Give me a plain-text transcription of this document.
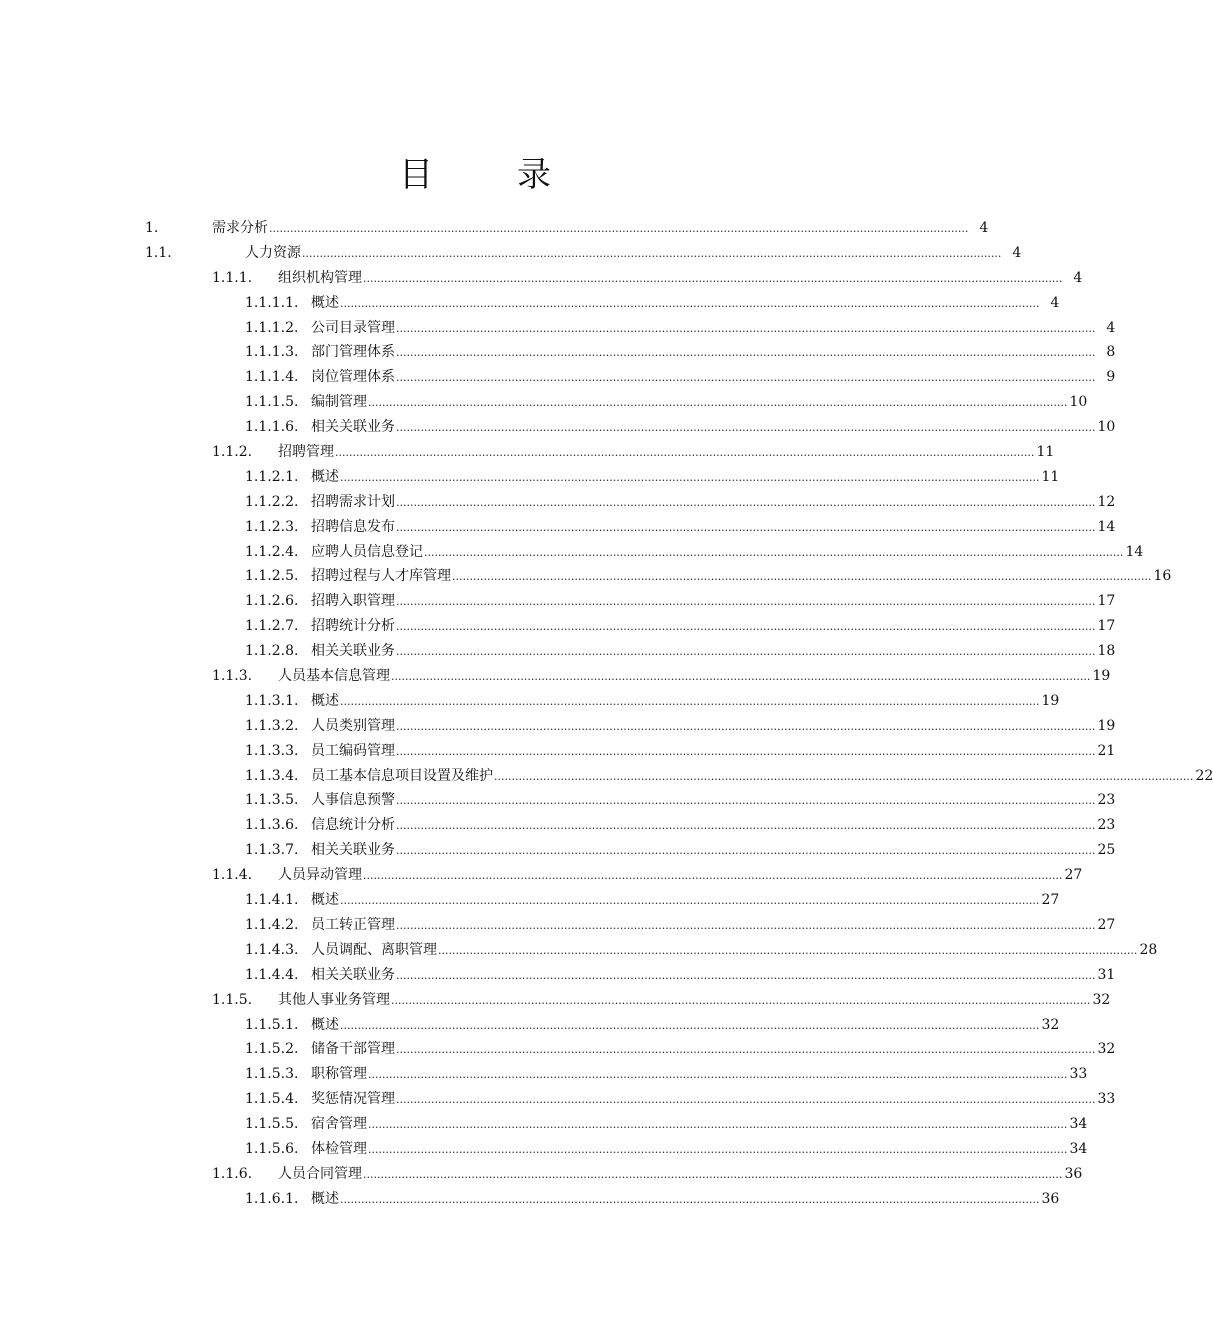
目 录
1.	需求分析 ........................................................................................................................................................................................................ 4
1.1.	人力资源 ........................................................................................................................................................................................................ 4
1.1.1. 组织机构管理 ........................................................................................................................................................................................................ 4
1.1.1.1. 概述 ........................................................................................................................................................................................................ 4
1.1.1.2. 公司目录管理 ........................................................................................................................................................................................................ 4
1.1.1.3. 部门管理体系 ........................................................................................................................................................................................................ 8
1.1.1.4. 岗位管理体系 ........................................................................................................................................................................................................ 9
1.1.1.5. 编制管理 ........................................................................................................................................................................................................ 10
1.1.1.6. 相关关联业务 ........................................................................................................................................................................................................ 10
1.1.2. 招聘管理 ........................................................................................................................................................................................................ 11
1.1.2.1. 概述 ........................................................................................................................................................................................................ 11
1.1.2.2. 招聘需求计划 ........................................................................................................................................................................................................ 12
1.1.2.3. 招聘信息发布 ........................................................................................................................................................................................................ 14
1.1.2.4. 应聘人员信息登记 ........................................................................................................................................................................................................ 14
1.1.2.5. 招聘过程与人才库管理 ........................................................................................................................................................................................................ 16
1.1.2.6. 招聘入职管理 ........................................................................................................................................................................................................ 17
1.1.2.7. 招聘统计分析 ........................................................................................................................................................................................................ 17
1.1.2.8. 相关关联业务 ........................................................................................................................................................................................................ 18
1.1.3. 人员基本信息管理 ........................................................................................................................................................................................................ 19
1.1.3.1. 概述 ........................................................................................................................................................................................................ 19
1.1.3.2. 人员类别管理 ........................................................................................................................................................................................................ 19
1.1.3.3. 员工编码管理 ........................................................................................................................................................................................................ 21
1.1.3.4. 员工基本信息项目设置及维护 ........................................................................................................................................................................................................ 22
1.1.3.5. 人事信息预警 ........................................................................................................................................................................................................ 23
1.1.3.6. 信息统计分析 ........................................................................................................................................................................................................ 23
1.1.3.7. 相关关联业务 ........................................................................................................................................................................................................ 25
1.1.4. 人员异动管理 ........................................................................................................................................................................................................ 27
1.1.4.1. 概述 ........................................................................................................................................................................................................ 27
1.1.4.2. 员工转正管理 ........................................................................................................................................................................................................ 27
1.1.4.3. 人员调配、离职管理 ........................................................................................................................................................................................................ 28
1.1.4.4. 相关关联业务 ........................................................................................................................................................................................................ 31
1.1.5. 其他人事业务管理 ........................................................................................................................................................................................................ 32
1.1.5.1. 概述 ........................................................................................................................................................................................................ 32
1.1.5.2. 储备干部管理 ........................................................................................................................................................................................................ 32
1.1.5.3. 职称管理 ........................................................................................................................................................................................................ 33
1.1.5.4. 奖惩情况管理 ........................................................................................................................................................................................................ 33
1.1.5.5. 宿舍管理 ........................................................................................................................................................................................................ 34
1.1.5.6. 体检管理 ........................................................................................................................................................................................................ 34
1.1.6. 人员合同管理 ........................................................................................................................................................................................................ 36
1.1.6.1. 概述 ........................................................................................................................................................................................................ 36
